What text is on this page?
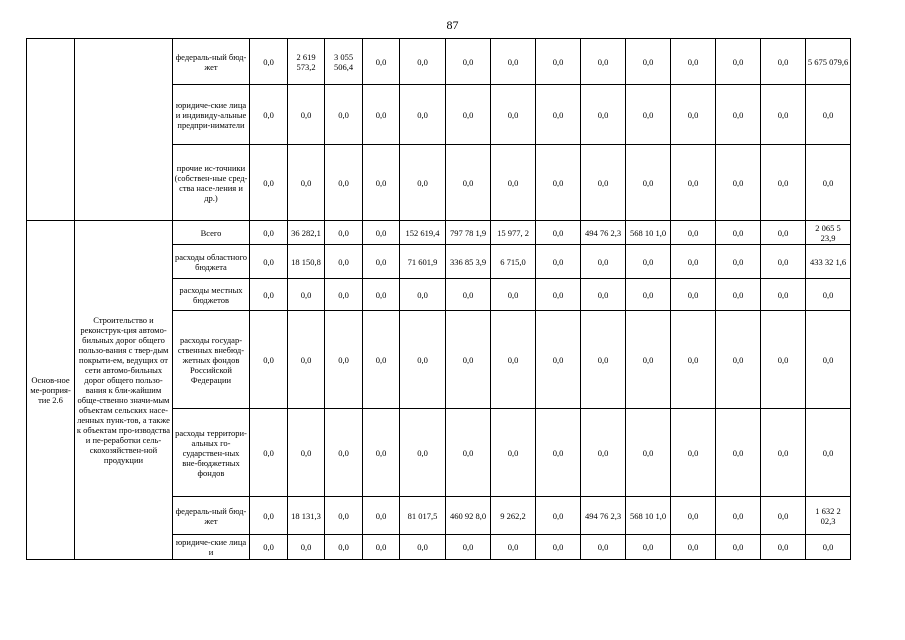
87
		федераль-ный бюд-жет	0,0	2 619 573,2	3 055 506,4	0,0	0,0	0,0	0,0	0,0	0,0	0,0	0,0	0,0	0,0	5 675 079,6
		юридиче-ские лица и индивиду-альные предпри-ниматели	0,0	0,0	0,0	0,0	0,0	0,0	0,0	0,0	0,0	0,0	0,0	0,0	0,0	0,0
		прочие ис-точники (собствен-ные сред-ства насе-ления и др.)	0,0	0,0	0,0	0,0	0,0	0,0	0,0	0,0	0,0	0,0	0,0	0,0	0,0	0,0
Основ-ное ме-роприя-тие 2.6	Строительство и реконструк-ция автомо-бильных дорог общего пользо-вания с твер-дым покрыти-ем, ведущих от сети автомо-бильных дорог общего пользо-вания к бли-жайшим обще-ственно значи-мым объектам сельских насе-ленных пунк-тов, а также к объектам про-изводства и пе-реработки сель-скохозяйствен-ной продукции	Всего	0,0	36 282,1	0,0	0,0	152 619,4	797 78 1,9	15 977, 2	0,0	494 76 2,3	568 10 1,0	0,0	0,0	0,0	2 065 5 23,9
		расходы областного бюджета	0,0	18 150,8	0,0	0,0	71 601,9	336 85 3,9	6 715,0	0,0	0,0	0,0	0,0	0,0	0,0	433 32 1,6
		расходы местных бюджетов	0,0	0,0	0,0	0,0	0,0	0,0	0,0	0,0	0,0	0,0	0,0	0,0	0,0	0,0
		расходы государ-ственных внебюд-жетных фондов Российской Федерации	0,0	0,0	0,0	0,0	0,0	0,0	0,0	0,0	0,0	0,0	0,0	0,0	0,0	0,0
		расходы территори-альных го-сударствен-ных вне-бюджетных фондов	0,0	0,0	0,0	0,0	0,0	0,0	0,0	0,0	0,0	0,0	0,0	0,0	0,0	0,0
		федераль-ный бюд-жет	0,0	18 131,3	0,0	0,0	81 017,5	460 92 8,0	9 262,2	0,0	494 76 2,3	568 10 1,0	0,0	0,0	0,0	1 632 2 02,3
		юридиче-ские лица и	0,0	0,0	0,0	0,0	0,0	0,0	0,0	0,0	0,0	0,0	0,0	0,0	0,0	0,0
